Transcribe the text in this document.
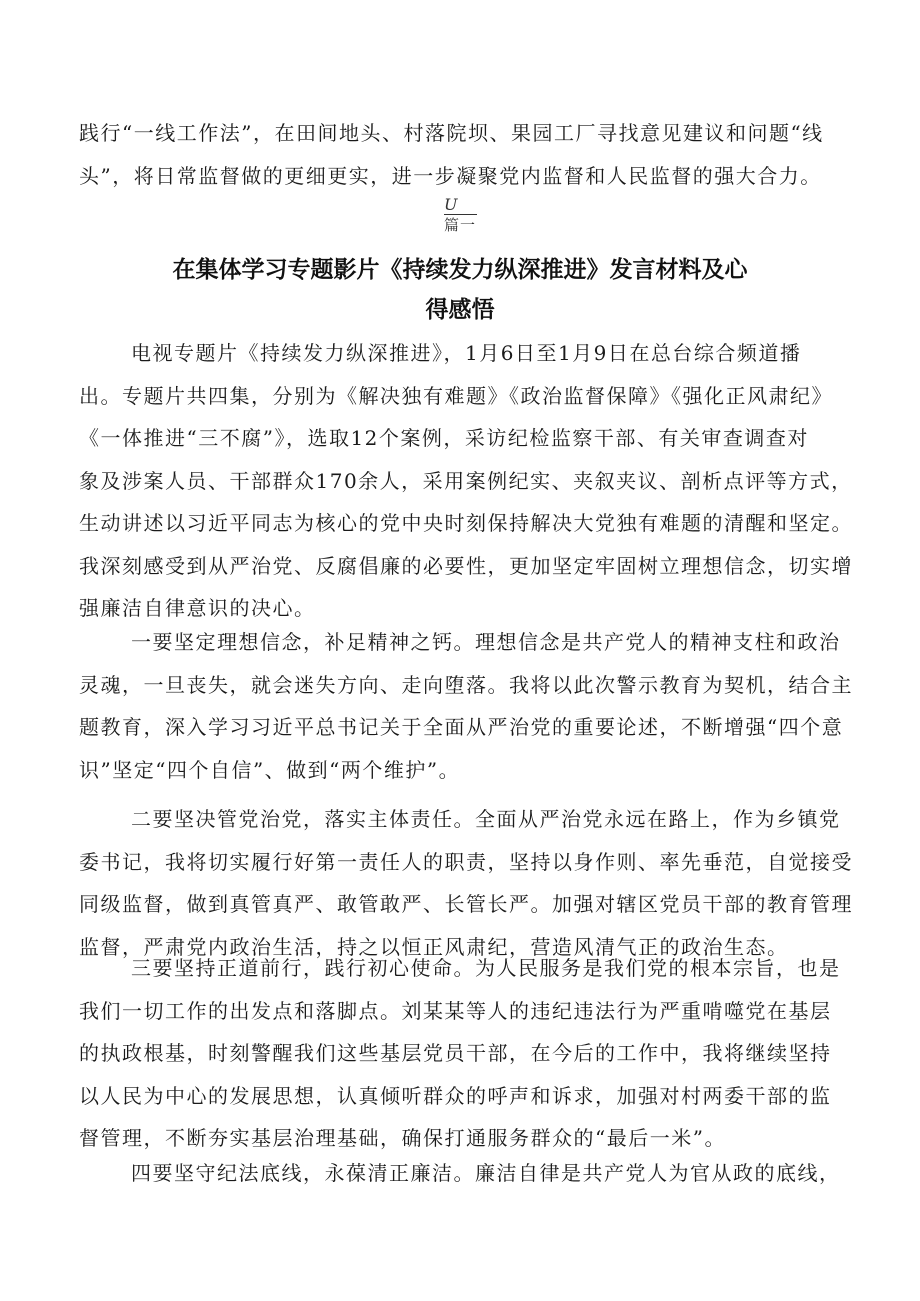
践行“一线工作法”，在田间地头、村落院坝、果园工厂寻找意见建议和问题“线
头”，将日常监督做的更细更实，进一步凝聚党内监督和人民监督的强大合力。
U
篇一
在集体学习专题影片《持续发力纵深推进》发言材料及心
得感悟
电视专题片《持续发力纵深推进》，1月6日至1月9日在总台综合频道播
出。专题片共四集，分别为《解决独有难题》《政治监督保障》《强化正风肃纪》
《一体推进“三不腐”》，选取12个案例，采访纪检监察干部、有关审查调查对
象及涉案人员、干部群众170余人，采用案例纪实、夹叙夹议、剖析点评等方式，
生动讲述以习近平同志为核心的党中央时刻保持解决大党独有难题的清醒和坚定。
我深刻感受到从严治党、反腐倡廉的必要性，更加坚定牢固树立理想信念，切实增
强廉洁自律意识的决心。
一要坚定理想信念，补足精神之钙。理想信念是共产党人的精神支柱和政治
灵魂，一旦丧失，就会迷失方向、走向堕落。我将以此次警示教育为契机，结合主
题教育，深入学习习近平总书记关于全面从严治党的重要论述，不断增强“四个意
识”坚定“四个自信”、做到“两个维护”。
二要坚决管党治党，落实主体责任。全面从严治党永远在路上，作为乡镇党
委书记，我将切实履行好第一责任人的职责，坚持以身作则、率先垂范，自觉接受
同级监督，做到真管真严、敢管敢严、长管长严。加强对辖区党员干部的教育管理
监督，严肃党内政治生活，持之以恒正风肃纪，营造风清气正的政治生态。
三要坚持正道前行，践行初心使命。为人民服务是我们党的根本宗旨，也是
我们一切工作的出发点和落脚点。刘某某等人的违纪违法行为严重啃噬党在基层
的执政根基，时刻警醒我们这些基层党员干部，在今后的工作中，我将继续坚持
以人民为中心的发展思想，认真倾听群众的呼声和诉求，加强对村两委干部的监
督管理，不断夯实基层治理基础，确保打通服务群众的“最后一米”。
四要坚守纪法底线，永葆清正廉洁。廉洁自律是共产党人为官从政的底线，
